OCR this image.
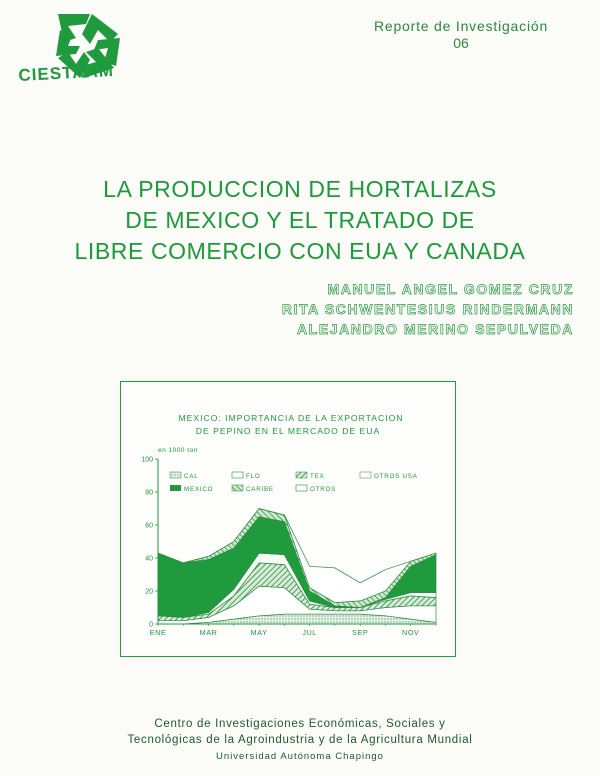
CIESTAAM
Reporte de Investigación
06
LA PRODUCCION DE HORTALIZAS
DE MEXICO Y EL TRATADO DE
LIBRE COMERCIO CON EUA Y CANADA
MANUEL ANGEL GOMEZ CRUZ
RITA SCHWENTESIUS RINDERMANN
ALEJANDRO MERINO SEPULVEDA
MEXICO: IMPORTANCIA DE LA EXPORTACION
DE PEPINO EN EL MERCADO DE EUA
en 1000 ton
0
20
40
60
80
100
ENE	MAR	MAY	JUL	SEP	NOV
CAL	FLO	TEX	OTROS USA
MEXICO	CARIBE	OTROS
Centro de Investigaciones Económicas, Sociales y
Tecnológicas de la Agroindustria y de la Agricultura Mundial
Universidad Autónoma Chapingo
